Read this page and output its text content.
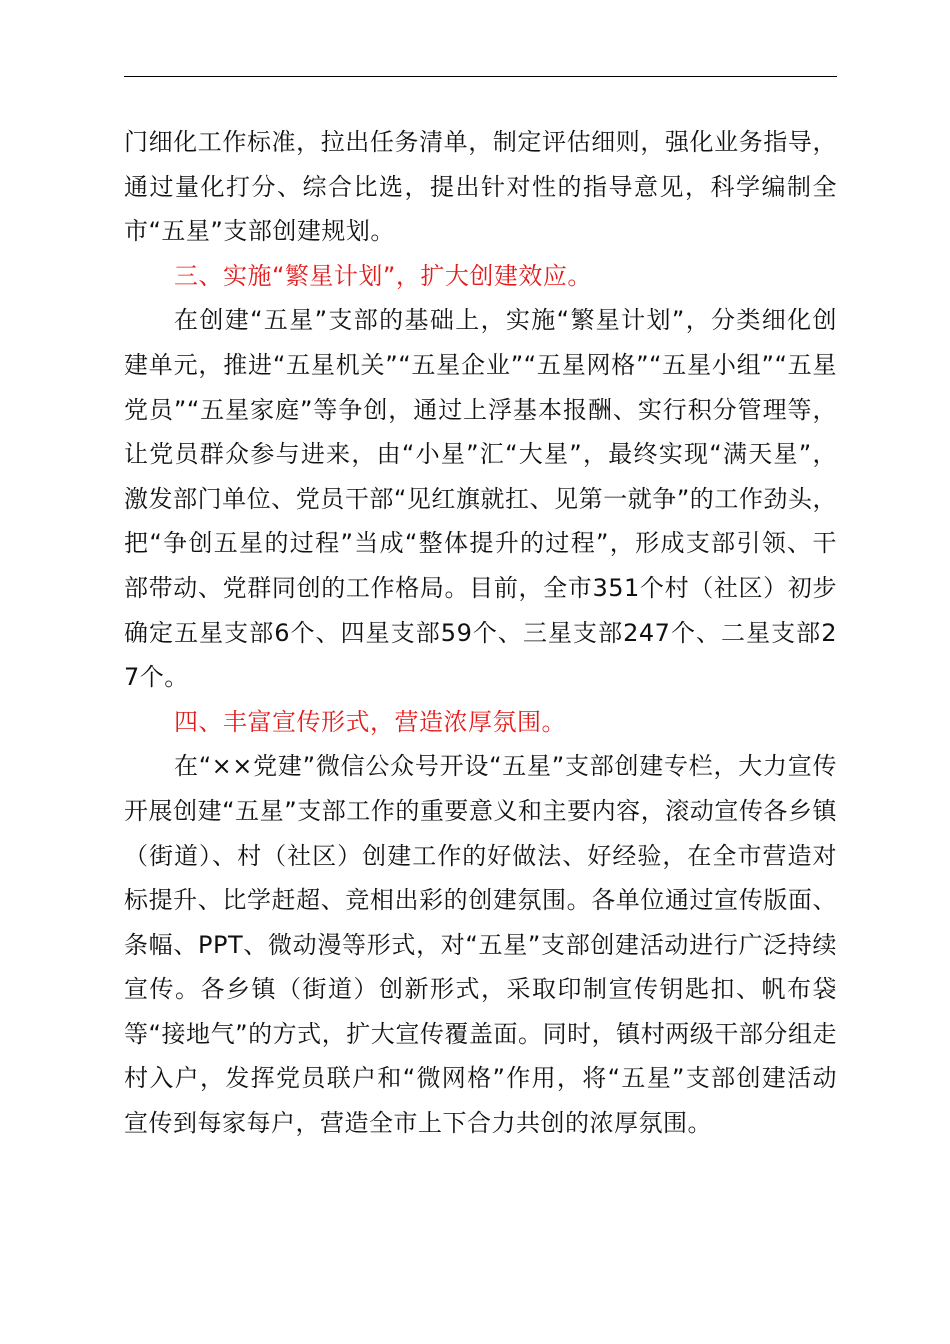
门细化工作标准，拉出任务清单，制定评估细则，强化业务指导，通过量化打分、综合比选，提出针对性的指导意见，科学编制全市“五星”支部创建规划。

三、实施“繁星计划”，扩大创建效应。

在创建“五星”支部的基础上，实施“繁星计划”，分类细化创建单元，推进“五星机关”“五星企业”“五星网格”“五星小组”“五星党员”“五星家庭”等争创，通过上浮基本报酬、实行积分管理等，让党员群众参与进来，由“小星”汇“大星”，最终实现“满天星”，激发部门单位、党员干部“见红旗就扛、见第一就争”的工作劲头，把“争创五星的过程”当成“整体提升的过程”，形成支部引领、干部带动、党群同创的工作格局。目前，全市351个村（社区）初步确定五星支部6个、四星支部59个、三星支部247个、二星支部27个。

四、丰富宣传形式，营造浓厚氛围。

在“××党建”微信公众号开设“五星”支部创建专栏，大力宣传开展创建“五星”支部工作的重要意义和主要内容，滚动宣传各乡镇（街道）、村（社区）创建工作的好做法、好经验，在全市营造对标提升、比学赶超、竞相出彩的创建氛围。各单位通过宣传版面、条幅、PPT、微动漫等形式，对“五星”支部创建活动进行广泛持续宣传。各乡镇（街道）创新形式，采取印制宣传钥匙扣、帆布袋等“接地气”的方式，扩大宣传覆盖面。同时，镇村两级干部分组走村入户，发挥党员联户和“微网格”作用，将“五星”支部创建活动宣传到每家每户，营造全市上下合力共创的浓厚氛围。
